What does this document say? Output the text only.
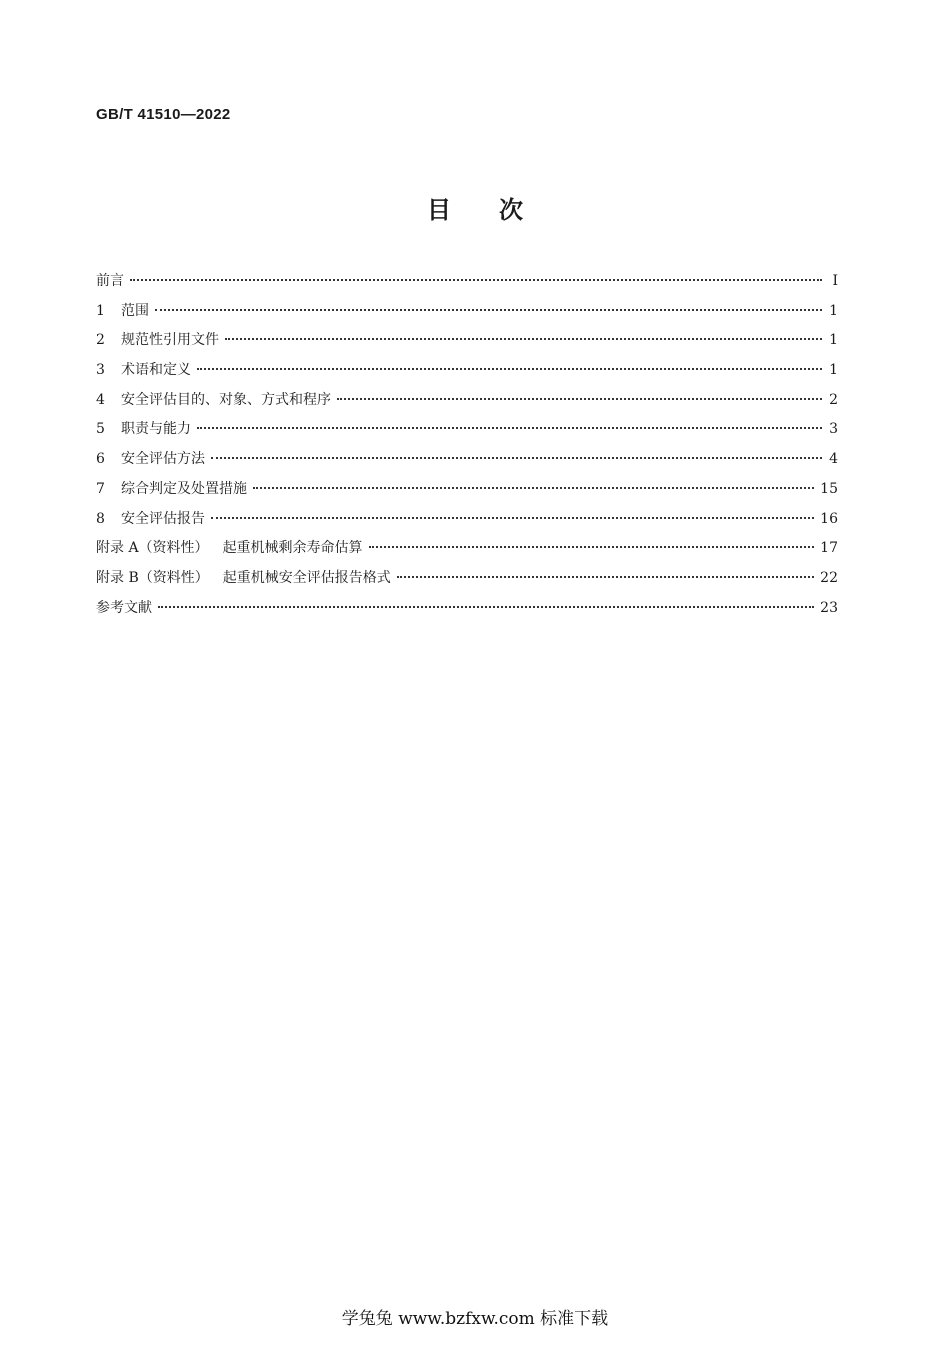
GB/T 41510—2022
目次
前言	Ⅰ
1	范围	1
2	规范性引用文件	1
3	术语和定义	1
4	安全评估目的、对象、方式和程序	2
5	职责与能力	3
6	安全评估方法	4
7	综合判定及处置措施	15
8	安全评估报告	16
附录 A（资料性） 起重机械剩余寿命估算	17
附录 B（资料性） 起重机械安全评估报告格式	22
参考文献	23
学兔兔 www.bzfxw.com 标准下载
